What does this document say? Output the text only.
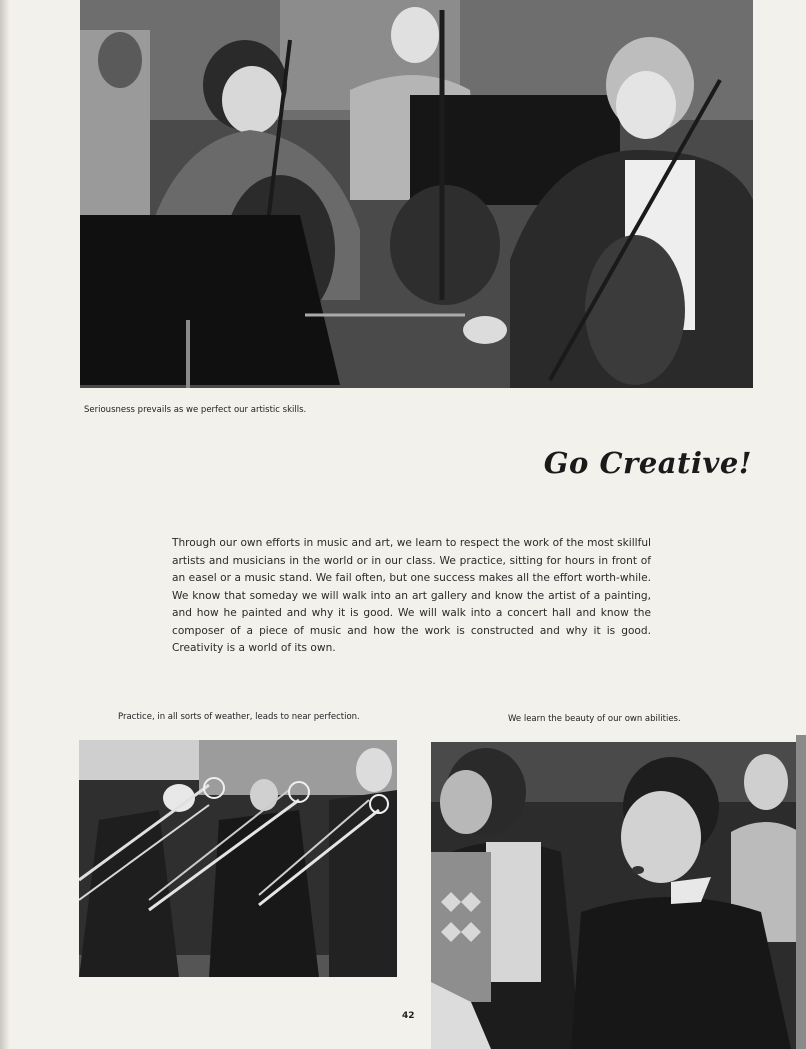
Seriousness prevails as we perfect our artistic skills.
Go Creative!
Through our own efforts in music and art, we learn to respect the work of the most skillful artists and musicians in the world or in our class. We practice, sitting for hours in front of an easel or a music stand. We fail often, but one success makes all the effort worth-while. We know that someday we will walk into an art gallery and know the artist of a painting, and how he painted and why it is good. We will walk into a concert hall and know the composer of a piece of music and how the work is constructed and why it is good. Creativity is a world of its own.
Practice, in all sorts of weather, leads to near perfection.	We learn the beauty of our own abilities.
42
